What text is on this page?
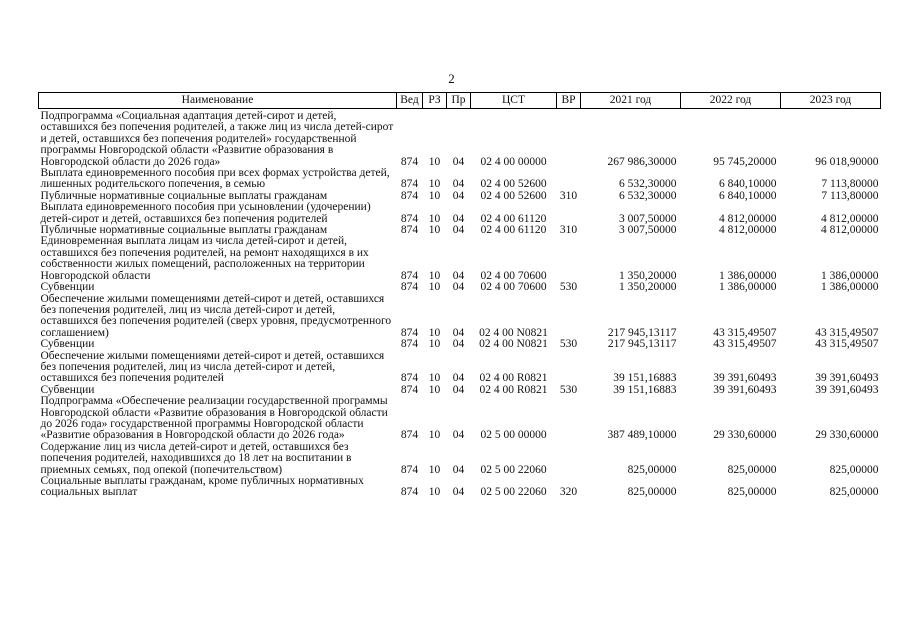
2
Наименование	Вед	РЗ	Пр	ЦСТ	ВР	2021 год	2022 год	2023 год
Подпрограмма «Социальная адаптация детей-сирот и детей, оставшихся без попечения родителей, а также лиц из числа детей-сирот и детей, оставшихся без попечения родителей» государственной программы Новгородской области «Развитие образования в Новгородской области до 2026 года»	874	10	04	02 4 00 00000		267 986,30000	95 745,20000	96 018,90000
Выплата единовременного пособия при всех формах устройства детей, лишенных родительского попечения, в семью	874	10	04	02 4 00 52600		6 532,30000	6 840,10000	7 113,80000
Публичные нормативные социальные выплаты гражданам	874	10	04	02 4 00 52600	310	6 532,30000	6 840,10000	7 113,80000
Выплата единовременного пособия при усыновлении (удочерении) детей-сирот и детей, оставшихся без попечения родителей	874	10	04	02 4 00 61120		3 007,50000	4 812,00000	4 812,00000
Публичные нормативные социальные выплаты гражданам	874	10	04	02 4 00 61120	310	3 007,50000	4 812,00000	4 812,00000
Единовременная выплата лицам из числа детей-сирот и детей, оставшихся без попечения родителей, на ремонт находящихся в их собственности жилых помещений, расположенных на территории Новгородской области	874	10	04	02 4 00 70600		1 350,20000	1 386,00000	1 386,00000
Субвенции	874	10	04	02 4 00 70600	530	1 350,20000	1 386,00000	1 386,00000
Обеспечение жилыми помещениями детей-сирот и детей, оставшихся без попечения родителей, лиц из числа детей-сирот и детей, оставшихся без попечения родителей (сверх уровня, предусмотренного соглашением)	874	10	04	02 4 00 N0821		217 945,13117	43 315,49507	43 315,49507
Субвенции	874	10	04	02 4 00 N0821	530	217 945,13117	43 315,49507	43 315,49507
Обеспечение жилыми помещениями детей-сирот и детей, оставшихся без попечения родителей, лиц из числа детей-сирот и детей, оставшихся без попечения родителей	874	10	04	02 4 00 R0821		39 151,16883	39 391,60493	39 391,60493
Субвенции	874	10	04	02 4 00 R0821	530	39 151,16883	39 391,60493	39 391,60493
Подпрограмма «Обеспечение реализации государственной программы Новгородской области «Развитие образования в Новгородской области до 2026 года» государственной программы Новгородской области «Развитие образования в Новгородской области до 2026 года»	874	10	04	02 5 00 00000		387 489,10000	29 330,60000	29 330,60000
Содержание лиц из числа детей-сирот и детей, оставшихся без попечения родителей, находившихся до 18 лет на воспитании в приемных семьях, под опекой (попечительством)	874	10	04	02 5 00 22060		825,00000	825,00000	825,00000
Социальные выплаты гражданам, кроме публичных нормативных социальных выплат	874	10	04	02 5 00 22060	320	825,00000	825,00000	825,00000
